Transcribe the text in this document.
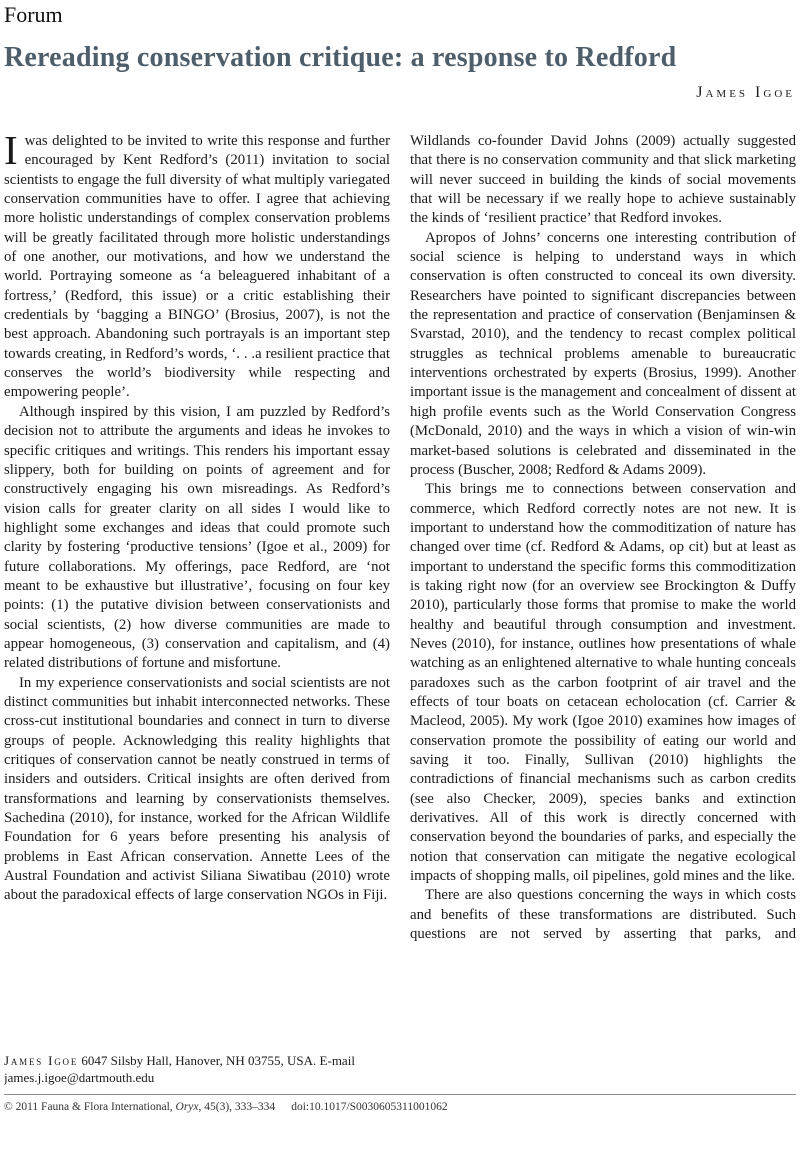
Forum
Rereading conservation critique: a response to Redford
James Igoe

Iwas delighted to be invited to write this response and further encouraged by Kent Redford’s (2011) invitation to social scientists to engage the full diversity of what multiply variegated conservation communities have to offer. I agree that achieving more holistic understandings of complex conservation problems will be greatly facilitated through more holistic understandings of one another, our motivations, and how we understand the world. Portraying someone as ‘a beleaguered inhabitant of a fortress,’ (Redford, this issue) or a critic establishing their credentials by ‘bagging a BINGO’ (Brosius, 2007), is not the best approach. Abandoning such portrayals is an important step towards creating, in Redford’s words, ‘. . .a resilient practice that conserves the world’s biodiversity while respecting and empowering people’.

Although inspired by this vision, I am puzzled by Redford’s decision not to attribute the arguments and ideas he invokes to specific critiques and writings. This renders his important essay slippery, both for building on points of agreement and for constructively engaging his own misreadings. As Redford’s vision calls for greater clarity on all sides I would like to highlight some exchanges and ideas that could promote such clarity by fostering ‘productive tensions’ (Igoe et al., 2009) for future collaborations. My offerings, pace Redford, are ‘not meant to be exhaustive but illustrative’, focusing on four key points: (1) the putative division between conservationists and social scientists, (2) how diverse communities are made to appear homogeneous, (3) conservation and capitalism, and (4) related distributions of fortune and misfortune.

In my experience conservationists and social scientists are not distinct communities but inhabit interconnected networks. These cross-cut institutional boundaries and connect in turn to diverse groups of people. Acknowledging this reality highlights that critiques of conservation cannot be neatly construed in terms of insiders and outsiders. Critical insights are often derived from transformations and learning by conservationists themselves. Sachedina (2010), for instance, worked for the African Wildlife Foundation for 6 years before presenting his analysis of problems in East African conservation. Annette Lees of the Austral Foundation and activist Siliana Siwatibau (2010) wrote about the paradoxical effects of large conservation NGOs in Fiji.

James Igoe 6047 Silsby Hall, Hanover, NH 03755, USA. E-mail james.j.igoe@dartmouth.edu

Wildlands co-founder David Johns (2009) actually suggested that there is no conservation community and that slick marketing will never succeed in building the kinds of social movements that will be necessary if we really hope to achieve sustainably the kinds of ‘resilient practice’ that Redford invokes.

Apropos of Johns’ concerns one interesting contribution of social science is helping to understand ways in which conservation is often constructed to conceal its own diversity. Researchers have pointed to significant discrepancies between the representation and practice of conservation (Benjaminsen & Svarstad, 2010), and the tendency to recast complex political struggles as technical problems amenable to bureaucratic interventions orchestrated by experts (Brosius, 1999). Another important issue is the management and concealment of dissent at high profile events such as the World Conservation Congress (McDonald, 2010) and the ways in which a vision of win-win market-based solutions is celebrated and disseminated in the process (Buscher, 2008; Redford & Adams 2009).

This brings me to connections between conservation and commerce, which Redford correctly notes are not new. It is important to understand how the commoditization of nature has changed over time (cf. Redford & Adams, op cit) but at least as important to understand the specific forms this commoditization is taking right now (for an overview see Brockington & Duffy 2010), particularly those forms that promise to make the world healthy and beautiful through consumption and investment. Neves (2010), for instance, outlines how presentations of whale watching as an enlightened alternative to whale hunting conceals paradoxes such as the carbon footprint of air travel and the effects of tour boats on cetacean echolocation (cf. Carrier & Macleod, 2005). My work (Igoe 2010) examines how images of conservation promote the possibility of eating our world and saving it too. Finally, Sullivan (2010) highlights the contradictions of financial mechanisms such as carbon credits (see also Checker, 2009), species banks and extinction derivatives. All of this work is directly concerned with conservation beyond the boundaries of parks, and especially the notion that conservation can mitigate the negative ecological impacts of shopping malls, oil pipelines, gold mines and the like.

There are also questions concerning the ways in which costs and benefits of these transformations are distributed. Such questions are not served by asserting that parks, and

© 2011 Fauna & Flora International, Oryx, 45(3), 333–334 doi:10.1017/S0030605311001062
